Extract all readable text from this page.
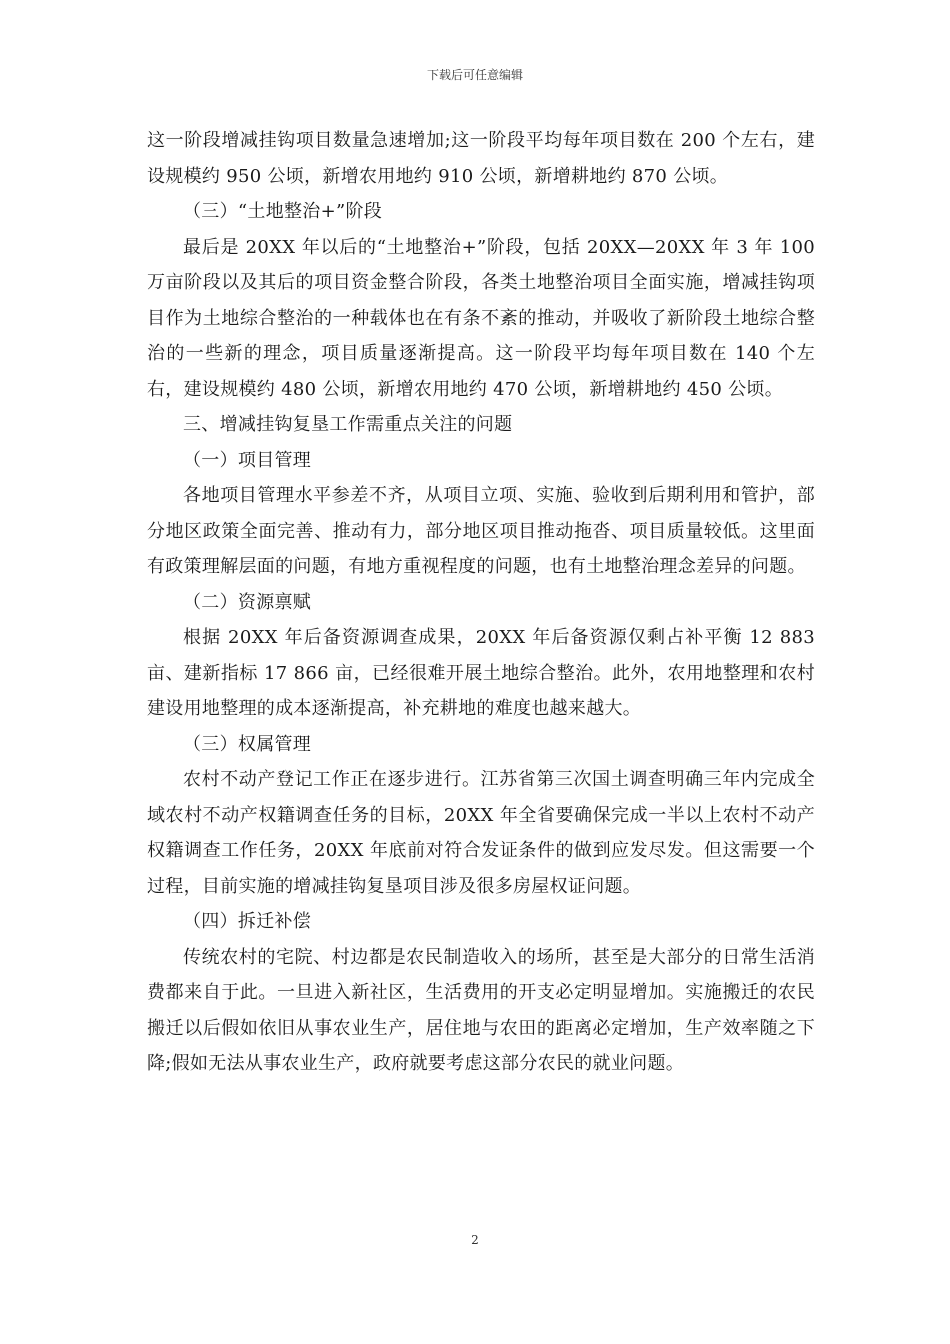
下载后可任意编辑

这一阶段增减挂钩项目数量急速增加;这一阶段平均每年项目数在 200 个左右，建设规模约 950 公顷，新增农用地约 910 公顷，新增耕地约 870 公顷。

（三）“土地整治+”阶段

最后是 20XX 年以后的“土地整治+”阶段，包括 20XX—20XX 年 3 年 100 万亩阶段以及其后的项目资金整合阶段，各类土地整治项目全面实施，增减挂钩项目作为土地综合整治的一种载体也在有条不紊的推动，并吸收了新阶段土地综合整治的一些新的理念，项目质量逐渐提高。这一阶段平均每年项目数在 140 个左右，建设规模约 480 公顷，新增农用地约 470 公顷，新增耕地约 450 公顷。

三、增减挂钩复垦工作需重点关注的问题

（一）项目管理

各地项目管理水平参差不齐，从项目立项、实施、验收到后期利用和管护，部分地区政策全面完善、推动有力，部分地区项目推动拖沓、项目质量较低。这里面有政策理解层面的问题，有地方重视程度的问题，也有土地整治理念差异的问题。

（二）资源禀赋

根据 20XX 年后备资源调查成果，20XX 年后备资源仅剩占补平衡 12 883 亩、建新指标 17 866 亩，已经很难开展土地综合整治。此外，农用地整理和农村建设用地整理的成本逐渐提高，补充耕地的难度也越来越大。

（三）权属管理

农村不动产登记工作正在逐步进行。江苏省第三次国土调查明确三年内完成全域农村不动产权籍调查任务的目标，20XX 年全省要确保完成一半以上农村不动产权籍调查工作任务，20XX 年底前对符合发证条件的做到应发尽发。但这需要一个过程，目前实施的增减挂钩复垦项目涉及很多房屋权证问题。

（四）拆迁补偿

传统农村的宅院、村边都是农民制造收入的场所，甚至是大部分的日常生活消费都来自于此。一旦进入新社区，生活费用的开支必定明显增加。实施搬迁的农民搬迁以后假如依旧从事农业生产，居住地与农田的距离必定增加，生产效率随之下降;假如无法从事农业生产，政府就要考虑这部分农民的就业问题。

2
